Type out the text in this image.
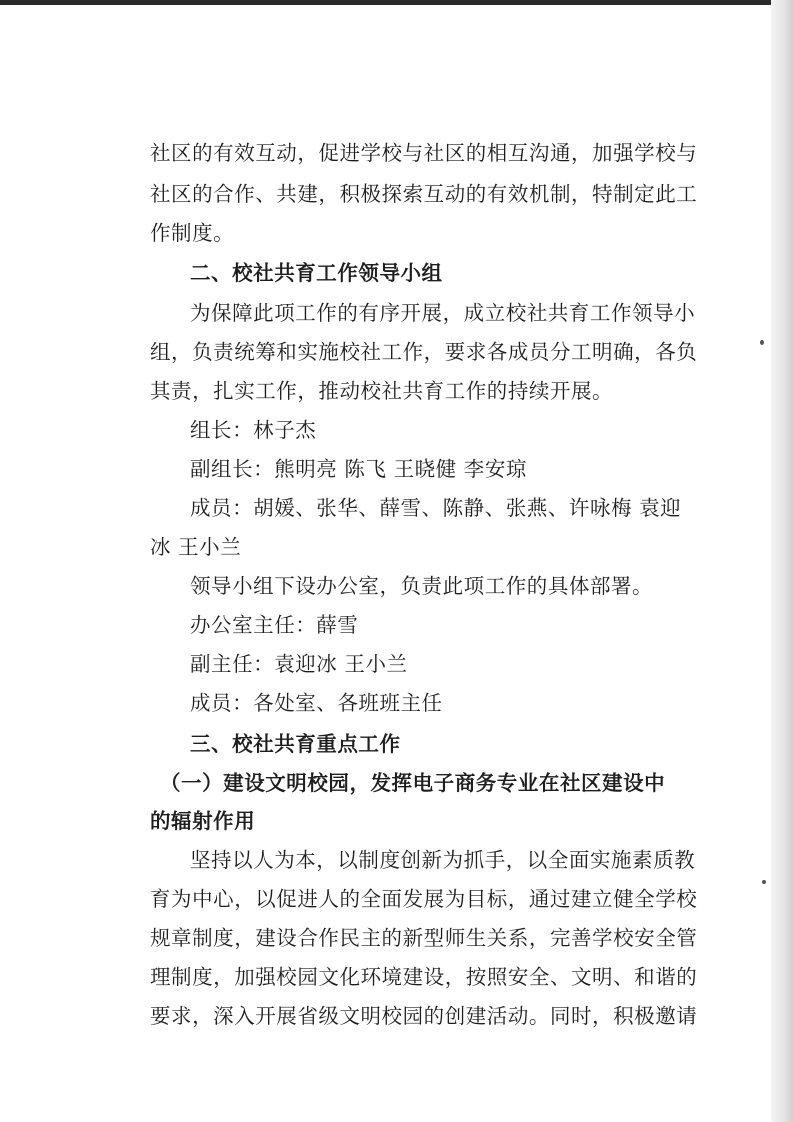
社区的有效互动，促进学校与社区的相互沟通，加强学校与
社区的合作、共建，积极探索互动的有效机制，特制定此工
作制度。
二、校社共育工作领导小组
为保障此项工作的有序开展，成立校社共育工作领导小
组，负责统筹和实施校社工作，要求各成员分工明确，各负
其责，扎实工作，推动校社共育工作的持续开展。
组长：林子杰
副组长：熊明亮 陈飞 王晓健 李安琼
成员：胡媛、张华、薛雪、陈静、张燕、许咏梅 袁迎
冰 王小兰
领导小组下设办公室，负责此项工作的具体部署。
办公室主任：薛雪
副主任：袁迎冰 王小兰
成员：各处室、各班班主任
三、校社共育重点工作
（一）建设文明校园，发挥电子商务专业在社区建设中
的辐射作用
坚持以人为本，以制度创新为抓手，以全面实施素质教
育为中心，以促进人的全面发展为目标，通过建立健全学校
规章制度，建设合作民主的新型师生关系，完善学校安全管
理制度，加强校园文化环境建设，按照安全、文明、和谐的
要求，深入开展省级文明校园的创建活动。同时，积极邀请
